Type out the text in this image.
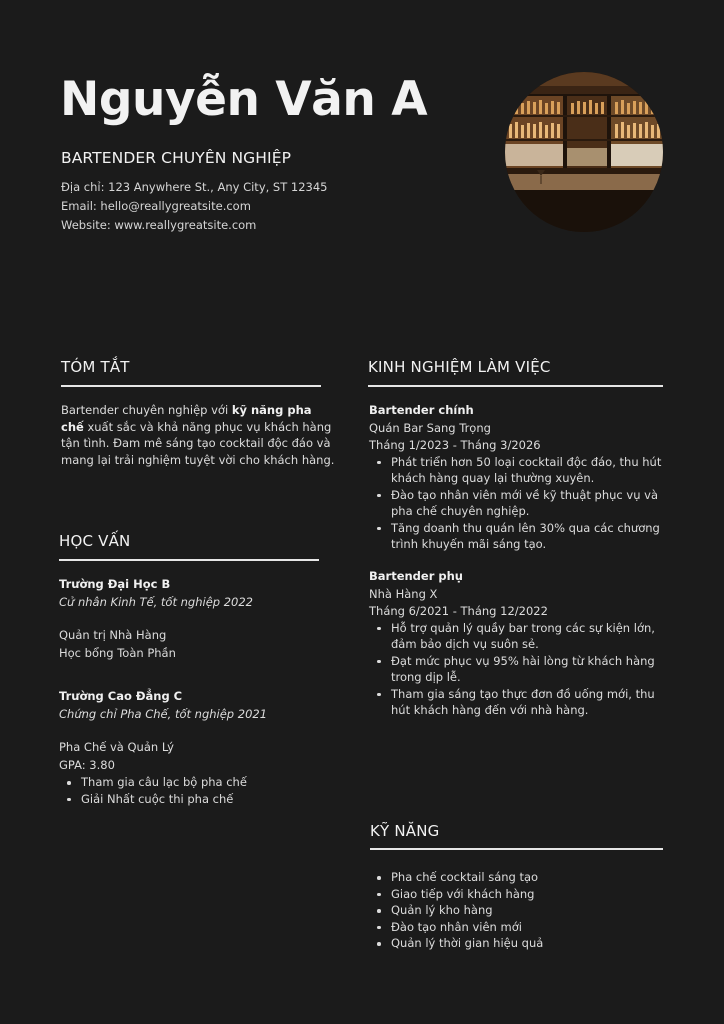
Nguyễn Văn A
BARTENDER CHUYÊN NGHIỆP
Địa chỉ: 123 Anywhere St., Any City, ST 12345
Email: hello@reallygreatsite.com
Website: www.reallygreatsite.com
TÓM TẮT
Bartender chuyên nghiệp với kỹ năng pha chế xuất sắc và khả năng phục vụ khách hàng tận tình. Đam mê sáng tạo cocktail độc đáo và mang lại trải nghiệm tuyệt vời cho khách hàng.
HỌC VẤN
Trường Đại Học B
Cử nhân Kinh Tế, tốt nghiệp 2022
Quản trị Nhà Hàng
Học bổng Toàn Phần
Trường Cao Đẳng C
Chứng chỉ Pha Chế, tốt nghiệp 2021
Pha Chế và Quản Lý
GPA: 3.80
Tham gia câu lạc bộ pha chế
Giải Nhất cuộc thi pha chế
KINH NGHIỆM LÀM VIỆC
Bartender chính
Quán Bar Sang Trọng
Tháng 1/2023 - Tháng 3/2026
Phát triển hơn 50 loại cocktail độc đáo, thu hút khách hàng quay lại thường xuyên.
Đào tạo nhân viên mới về kỹ thuật phục vụ và pha chế chuyên nghiệp.
Tăng doanh thu quán lên 30% qua các chương trình khuyến mãi sáng tạo.
Bartender phụ
Nhà Hàng X
Tháng 6/2021 - Tháng 12/2022
Hỗ trợ quản lý quầy bar trong các sự kiện lớn, đảm bảo dịch vụ suôn sẻ.
Đạt mức phục vụ 95% hài lòng từ khách hàng trong dịp lễ.
Tham gia sáng tạo thực đơn đồ uống mới, thu hút khách hàng đến với nhà hàng.
KỸ NĂNG
Pha chế cocktail sáng tạo
Giao tiếp với khách hàng
Quản lý kho hàng
Đào tạo nhân viên mới
Quản lý thời gian hiệu quả
